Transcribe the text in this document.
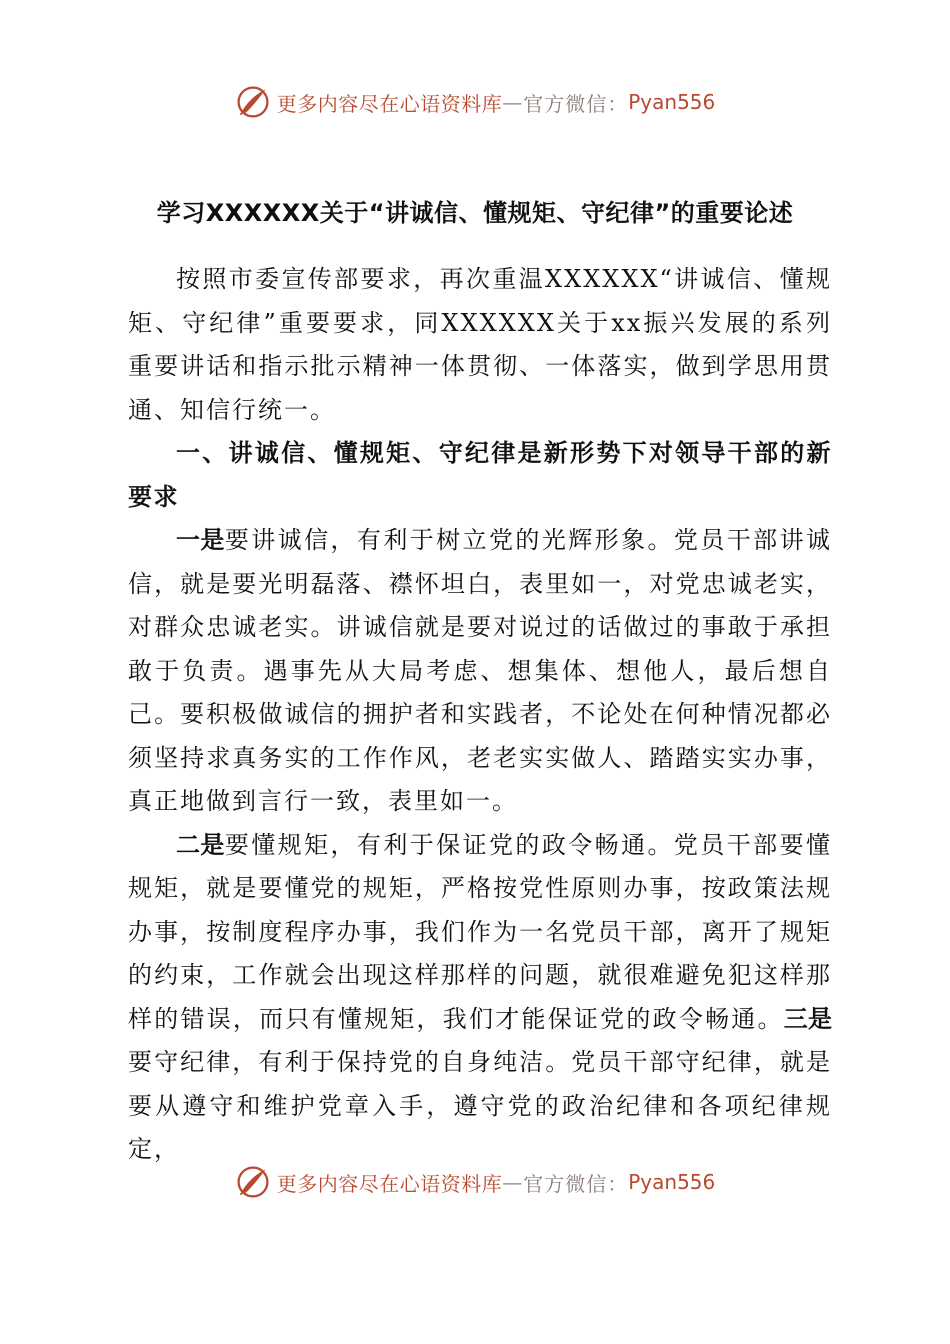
更多内容尽在心语资料库 — 官方微信： Pyan556
学习XXXXXX关于“讲诚信、懂规矩、守纪律”的重要论述

按照市委宣传部要求，再次重温XXXXXX“讲诚信、懂规矩、守纪律”重要要求，同XXXXXX关于xx振兴发展的系列重要讲话和指示批示精神一体贯彻、一体落实，做到学思用贯通、知信行统一。

一、讲诚信、懂规矩、守纪律是新形势下对领导干部的新要求

一是要讲诚信，有利于树立党的光辉形象。党员干部讲诚信，就是要光明磊落、襟怀坦白，表里如一，对党忠诚老实，对群众忠诚老实。讲诚信就是要对说过的话做过的事敢于承担敢于负责。遇事先从大局考虑、想集体、想他人，最后想自己。要积极做诚信的拥护者和实践者，不论处在何种情况都必须坚持求真务实的工作作风，老老实实做人、踏踏实实办事，真正地做到言行一致，表里如一。

二是要懂规矩，有利于保证党的政令畅通。党员干部要懂规矩，就是要懂党的规矩，严格按党性原则办事，按政策法规办事，按制度程序办事，我们作为一名党员干部，离开了规矩的约束，工作就会出现这样那样的问题，就很难避免犯这样那样的错误，而只有懂规矩，我们才能保证党的政令畅通。三是要守纪律，有利于保持党的自身纯洁。党员干部守纪律，就是要从遵守和维护党章入手，遵守党的政治纪律和各项纪律规定，

更多内容尽在心语资料库 — 官方微信： Pyan556
